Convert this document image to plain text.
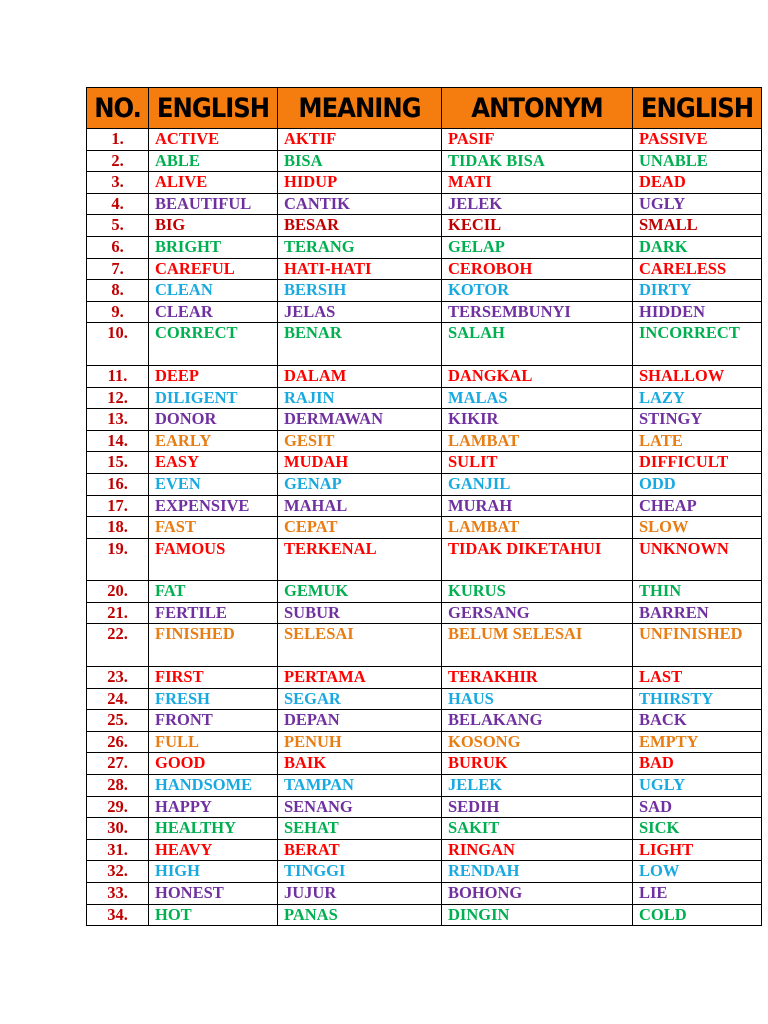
NO.	ENGLISH	MEANING	ANTONYM	ENGLISH
1.	ACTIVE	AKTIF	PASIF	PASSIVE
2.	ABLE	BISA	TIDAK BISA	UNABLE
3.	ALIVE	HIDUP	MATI	DEAD
4.	BEAUTIFUL	CANTIK	JELEK	UGLY
5.	BIG	BESAR	KECIL	SMALL
6.	BRIGHT	TERANG	GELAP	DARK
7.	CAREFUL	HATI-HATI	CEROBOH	CARELESS
8.	CLEAN	BERSIH	KOTOR	DIRTY
9.	CLEAR	JELAS	TERSEMBUNYI	HIDDEN
10.	CORRECT	BENAR	SALAH	INCORRECT
11.	DEEP	DALAM	DANGKAL	SHALLOW
12.	DILIGENT	RAJIN	MALAS	LAZY
13.	DONOR	DERMAWAN	KIKIR	STINGY
14.	EARLY	GESIT	LAMBAT	LATE
15.	EASY	MUDAH	SULIT	DIFFICULT
16.	EVEN	GENAP	GANJIL	ODD
17.	EXPENSIVE	MAHAL	MURAH	CHEAP
18.	FAST	CEPAT	LAMBAT	SLOW
19.	FAMOUS	TERKENAL	TIDAK DIKETAHUI	UNKNOWN
20.	FAT	GEMUK	KURUS	THIN
21.	FERTILE	SUBUR	GERSANG	BARREN
22.	FINISHED	SELESAI	BELUM SELESAI	UNFINISHED
23.	FIRST	PERTAMA	TERAKHIR	LAST
24.	FRESH	SEGAR	HAUS	THIRSTY
25.	FRONT	DEPAN	BELAKANG	BACK
26.	FULL	PENUH	KOSONG	EMPTY
27.	GOOD	BAIK	BURUK	BAD
28.	HANDSOME	TAMPAN	JELEK	UGLY
29.	HAPPY	SENANG	SEDIH	SAD
30.	HEALTHY	SEHAT	SAKIT	SICK
31.	HEAVY	BERAT	RINGAN	LIGHT
32.	HIGH	TINGGI	RENDAH	LOW
33.	HONEST	JUJUR	BOHONG	LIE
34.	HOT	PANAS	DINGIN	COLD
